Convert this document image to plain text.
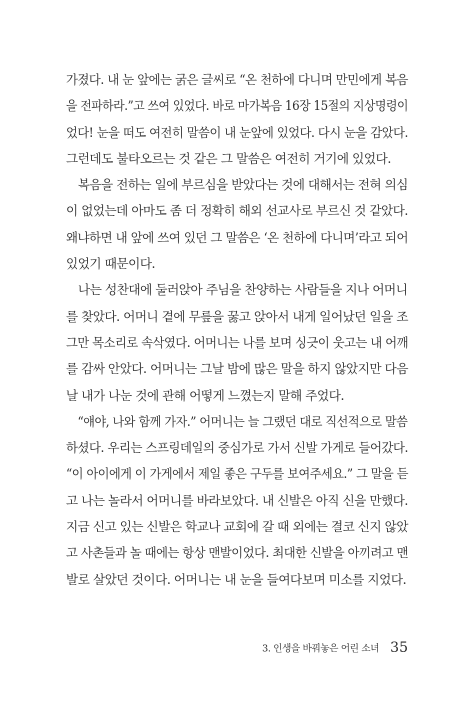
가졌다. 내 눈 앞에는 굵은 글씨로 “온 천하에 다니며 만민에게 복음
을 전파하라.”고 쓰여 있었다. 바로 마가복음 16장 15절의 지상명령이
었다! 눈을 떠도 여전히 말씀이 내 눈앞에 있었다. 다시 눈을 감았다.
그런데도 불타오르는 것 같은 그 말씀은 여전히 거기에 있었다.

복음을 전하는 일에 부르심을 받았다는 것에 대해서는 전혀 의심
이 없었는데 아마도 좀 더 정확히 해외 선교사로 부르신 것 같았다.
왜냐하면 내 앞에 쓰여 있던 그 말씀은 ‘온 천하에 다니며’라고 되어
있었기 때문이다.

나는 성찬대에 둘러앉아 주님을 찬양하는 사람들을 지나 어머니
를 찾았다. 어머니 곁에 무릎을 꿇고 앉아서 내게 일어났던 일을 조
그만 목소리로 속삭였다. 어머니는 나를 보며 싱긋이 웃고는 내 어깨
를 감싸 안았다. 어머니는 그날 밤에 많은 말을 하지 않았지만 다음
날 내가 나눈 것에 관해 어떻게 느꼈는지 말해 주었다.

“얘야, 나와 함께 가자.” 어머니는 늘 그랬던 대로 직선적으로 말씀
하셨다. 우리는 스프링데일의 중심가로 가서 신발 가게로 들어갔다.
“이 아이에게 이 가게에서 제일 좋은 구두를 보여주세요.” 그 말을 듣
고 나는 놀라서 어머니를 바라보았다. 내 신발은 아직 신을 만했다.
지금 신고 있는 신발은 학교나 교회에 갈 때 외에는 결코 신지 않았
고 사촌들과 놀 때에는 항상 맨발이었다. 최대한 신발을 아끼려고 맨
발로 살았던 것이다. 어머니는 내 눈을 들여다보며 미소를 지었다.

3. 인생을 바꿔놓은 어린 소녀 35
